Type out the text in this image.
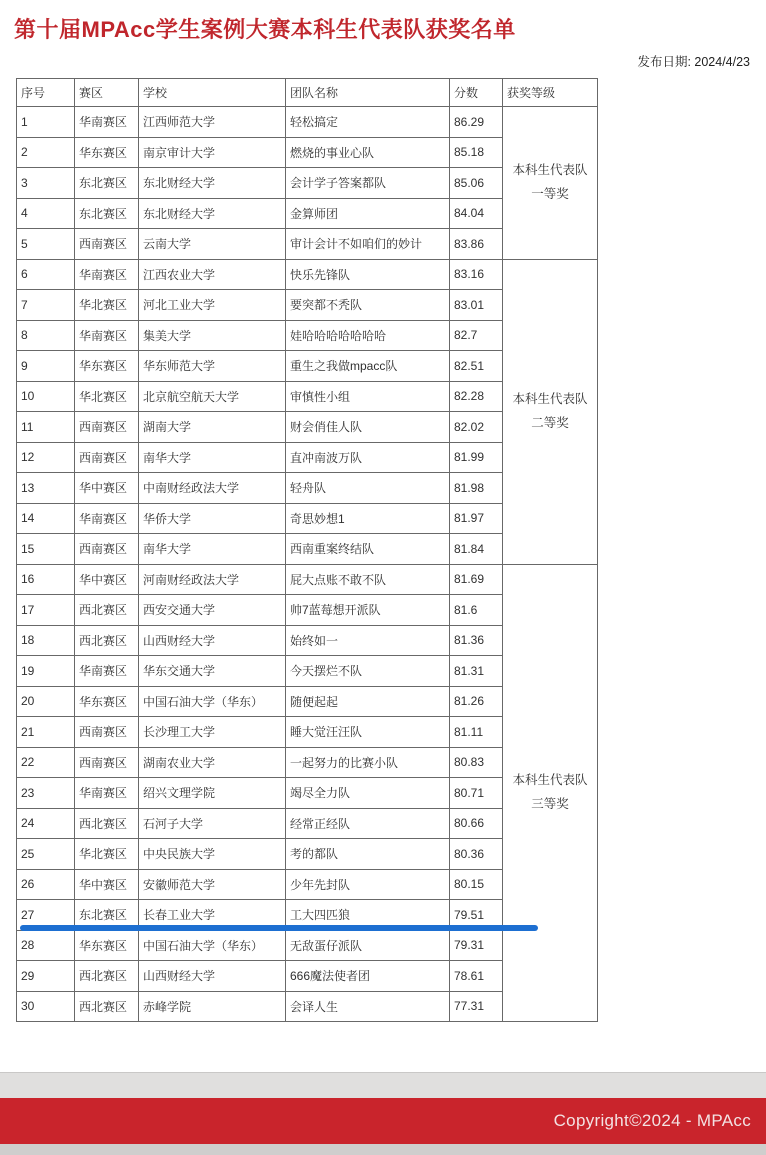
第十届MPAcc学生案例大赛本科生代表队获奖名单
发布日期: 2024/4/23
序号	赛区	学校	团队名称	分数	获奖等级
1	华南赛区	江西师范大学	轻松搞定	86.29	本科生代表队
一等奖

2	华东赛区	南京审计大学	燃烧的事业心队	85.18	
3	东北赛区	东北财经大学	会计学子答案都队	85.06	
4	东北赛区	东北财经大学	金算师团	84.04	
5	西南赛区	云南大学	审计会计不如咱们的妙计	83.86	
6	华南赛区	江西农业大学	快乐先锋队	83.16	本科生代表队
二等奖

7	华北赛区	河北工业大学	要突都不秃队	83.01	
8	华南赛区	集美大学	娃哈哈哈哈哈哈哈	82.7	
9	华东赛区	华东师范大学	重生之我做mpacc队	82.51	
10	华北赛区	北京航空航天大学	审慎性小组	82.28	
11	西南赛区	湖南大学	财会俏佳人队	82.02	
12	西南赛区	南华大学	直冲南波万队	81.99	
13	华中赛区	中南财经政法大学	轻舟队	81.98	
14	华南赛区	华侨大学	奇思妙想1	81.97	
15	西南赛区	南华大学	西南重案终结队	81.84	
16	华中赛区	河南财经政法大学	屁大点账不敢不队	81.69	本科生代表队
三等奖

17	西北赛区	西安交通大学	帅7蓝莓想开派队	81.6	
18	西北赛区	山西财经大学	始终如一	81.36	
19	华南赛区	华东交通大学	今天摆烂不队	81.31	
20	华东赛区	中国石油大学（华东）	随便起起	81.26	
21	西南赛区	长沙理工大学	睡大觉汪汪队	81.11	
22	西南赛区	湖南农业大学	一起努力的比赛小队	80.83	
23	华南赛区	绍兴文理学院	竭尽全力队	80.71	
24	西北赛区	石河子大学	经常正经队	80.66	
25	华北赛区	中央民族大学	考的都队	80.36	
26	华中赛区	安徽师范大学	少年先封队	80.15	
27	东北赛区	长春工业大学	工大四匹狼	79.51	
28	华东赛区	中国石油大学（华东）	无敌蛋仔派队	79.31	
29	西北赛区	山西财经大学	666魔法使者团	78.61	
30	西北赛区	赤峰学院	会译人生	77.31	
Copyright©2024 - MPAcc
